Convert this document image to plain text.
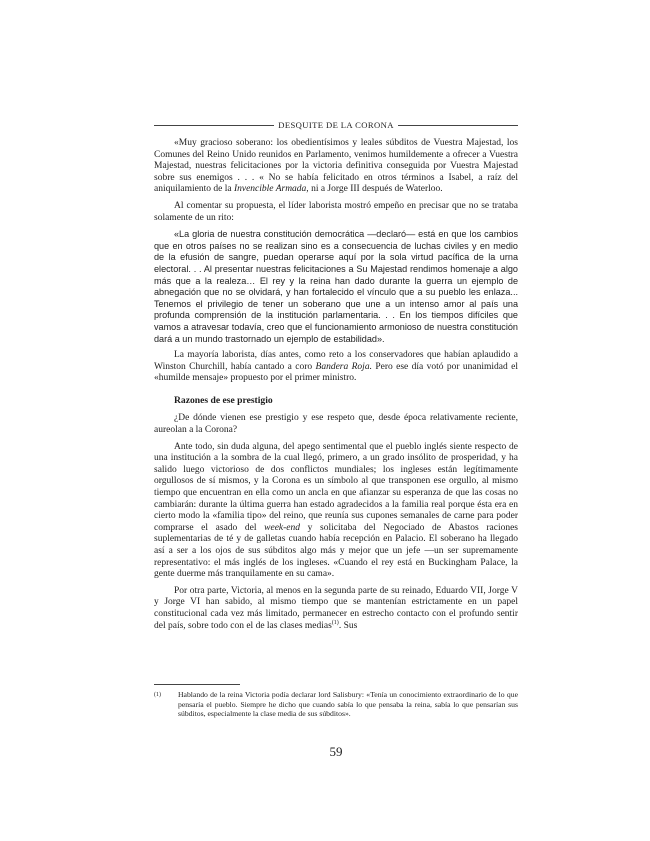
DESQUITE DE LA CORONA

«Muy gracioso soberano: los obedientísimos y leales súbditos de Vuestra Majestad, los Comunes del Reino Unido reunidos en Parlamento, venimos humildemente a ofrecer a Vuestra Majestad, nuestras felicitaciones por la victoria definitiva conseguida por Vuestra Majestad sobre sus enemigos . . . « No se había felicitado en otros términos a Isabel, a raíz del aniquilamiento de la Invencible Armada, ni a Jorge III después de Waterloo.

Al comentar su propuesta, el líder laborista mostró empeño en precisar que no se trataba solamente de un rito:

«La gloria de nuestra constitución democrática —declaró— está en que los cambios que en otros países no se realizan sino es a consecuencia de luchas civiles y en medio de la efusión de sangre, puedan operarse aquí por la sola virtud pacífica de la urna electoral. . . Al presentar nuestras felicitaciones a Su Majestad rendimos homenaje a algo más que a la realeza… El rey y la reina han dado durante la guerra un ejemplo de abnegación que no se olvidará, y han fortalecido el vínculo que a su pueblo les enlaza... Tenemos el privilegio de tener un soberano que une a un intenso amor al país una profunda comprensión de la institución parlamentaria. . . En los tiempos difíciles que vamos a atravesar todavía, creo que el funcionamiento armonioso de nuestra constitución dará a un mundo trastornado un ejemplo de estabilidad».

La mayoría laborista, días antes, como reto a los conservadores que habían aplaudido a Winston Churchill, había cantado a coro Bandera Roja. Pero ese día votó por unanimidad el «humilde mensaje» propuesto por el primer ministro.

Razones de ese prestigio

¿De dónde vienen ese prestigio y ese respeto que, desde época relativamente reciente, aureolan a la Corona?

Ante todo, sin duda alguna, del apego sentimental que el pueblo inglés siente respecto de una institución a la sombra de la cual llegó, primero, a un grado insólito de prosperidad, y ha salido luego victorioso de dos conflictos mundiales; los ingleses están legítimamente orgullosos de sí mismos, y la Corona es un símbolo al que transponen ese orgullo, al mismo tiempo que encuentran en ella como un ancla en que afianzar su esperanza de que las cosas no cambiarán: durante la última guerra han estado agradecidos a la familia real porque ésta era en cierto modo la «familia tipo» del reino, que reunía sus cupones semanales de carne para poder comprarse el asado del week-end y solicitaba del Negociado de Abastos raciones suplementarias de té y de galletas cuando había recepción en Palacio. El soberano ha llegado así a ser a los ojos de sus súbditos algo más y mejor que un jefe —un ser supremamente representativo: el más inglés de los ingleses. «Cuando el rey está en Buckingham Palace, la gente duerme más tranquilamente en su cama».

Por otra parte, Victoria, al menos en la segunda parte de su reinado, Eduardo VII, Jorge V y Jorge VI han sabido, al mismo tiempo que se mantenían estrictamente en un papel constitucional cada vez más limitado, permanecer en estrecho contacto con el profundo sentir del país, sobre todo con el de las clases medias$^{(1)}$. Sus

(1)	Hablando de la reina Victoria podía declarar lord Salisbury: «Tenía un conocimiento extraordinario de lo que pensaría el pueblo. Siempre he dicho que cuando sabía lo que pensaba la reina, sabía lo que pensarían sus súbditos, especialmente la clase media de sus súbditos».
59
